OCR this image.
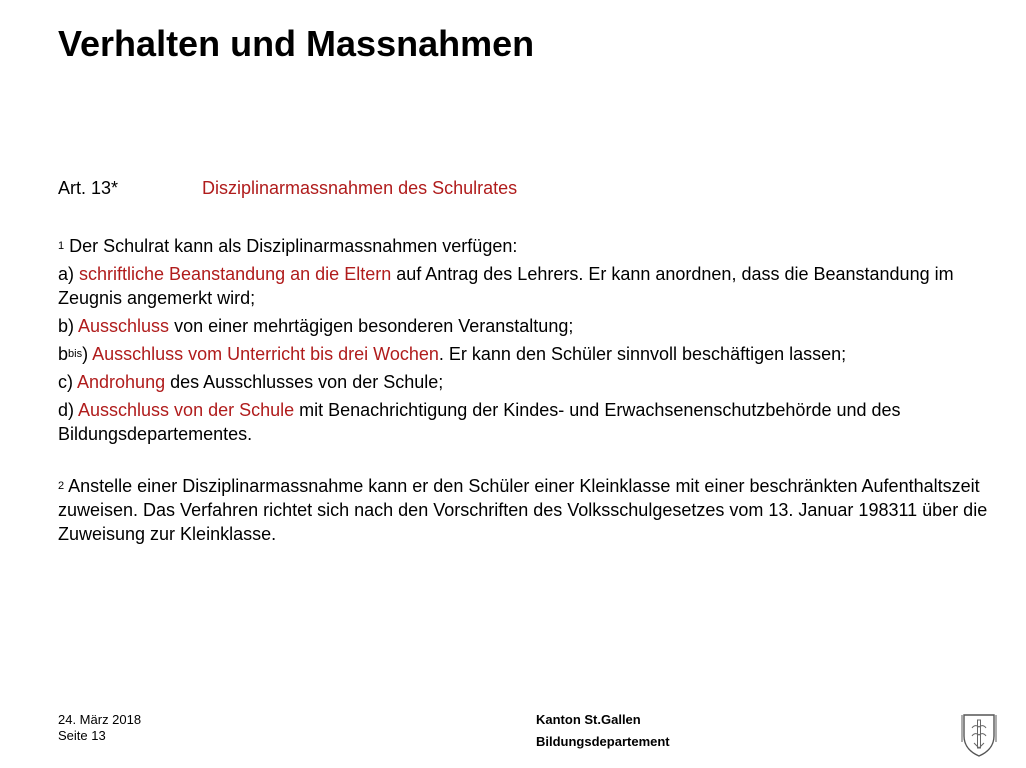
Verhalten und Massnahmen
Art. 13*	Disziplinarmassnahmen des Schulrates

$^1$ Der Schulrat kann als Disziplinarmassnahmen verfügen:

a) schriftliche Beanstandung an die Eltern auf Antrag des Lehrers. Er kann anordnen, dass die Beanstandung im Zeugnis angemerkt wird;

b) Ausschluss von einer mehrtägigen besonderen Veranstaltung;

$b^{bis}$) Ausschluss vom Unterricht bis drei Wochen. Er kann den Schüler sinnvoll beschäftigen lassen;

c) Androhung des Ausschlusses von der Schule;

d) Ausschluss von der Schule mit Benachrichtigung der Kindes- und Erwachsenenschutzbehörde und des Bildungsdepartementes.

$^2$ Anstelle einer Disziplinarmassnahme kann er den Schüler einer Kleinklasse mit einer beschränkten Aufenthaltszeit zuweisen. Das Verfahren richtet sich nach den Vorschriften des Volksschulgesetzes vom 13. Januar 198311 über die Zuweisung zur Kleinklasse.

24. März 2018
Seite 13
Kanton St.Gallen
Bildungsdepartement
